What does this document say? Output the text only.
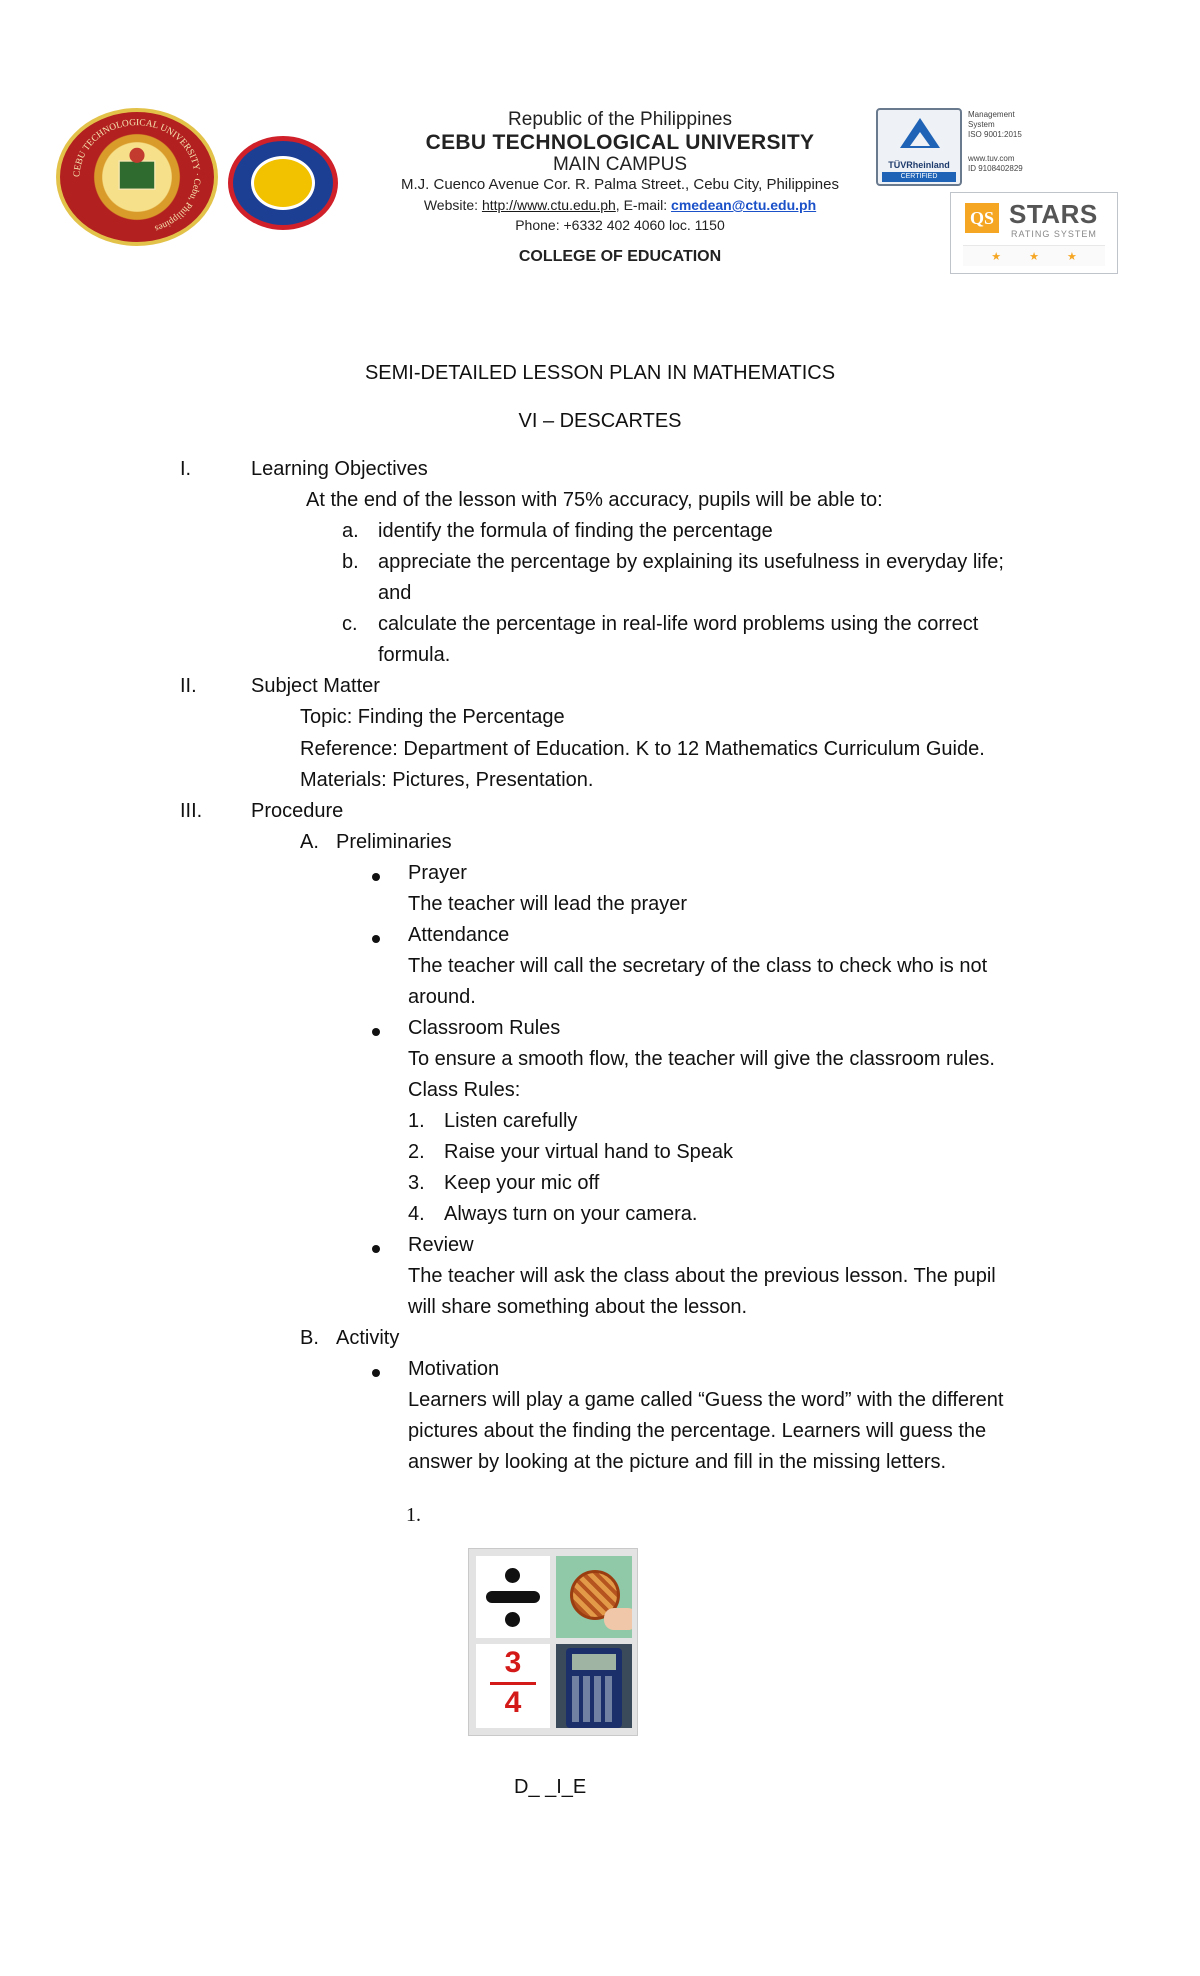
CEBU TECHNOLOGICAL UNIVERSITY · Cebu, Philippines

Republic of the Philippines

CEBU TECHNOLOGICAL UNIVERSITY

MAIN CAMPUS

M.J. Cuenco Avenue Cor. R. Palma Street., Cebu City, Philippines

Website: http://www.ctu.edu.ph, E-mail: cmedean@ctu.edu.ph

Phone: +6332 402 4060 loc. 1150

COLLEGE OF EDUCATION

TÜVRheinland
CERTIFIED

Management

System

ISO 9001:2015

www.tuv.com

ID 9108402829

QS STARS
RATING SYSTEM
★	★	★
SEMI-DETAILED LESSON PLAN IN MATHEMATICS
VI – DESCARTES
I.	Learning Objectives
At the end of the lesson with 75% accuracy, pupils will be able to:
a. identify the formula of finding the percentage
b. appreciate the percentage by explaining its usefulness in everyday life;
and
c. calculate the percentage in real-life word problems using the correct
formula.
II.	Subject Matter
Topic: Finding the Percentage
Reference: Department of Education. K to 12 Mathematics Curriculum Guide.
Materials: Pictures, Presentation.
III. Procedure
A. Preliminaries
Prayer
The teacher will lead the prayer
Attendance
The teacher will call the secretary of the class to check who is not
around.
Classroom Rules
To ensure a smooth flow, the teacher will give the classroom rules.
Class Rules:
1. Listen carefully
2. Raise your virtual hand to Speak
3. Keep your mic off
4. Always turn on your camera.
Review
The teacher will ask the class about the previous lesson. The pupil
will share something about the lesson.
B. Activity
Motivation
Learners will play a game called “Guess the word” with the different
pictures about the finding the percentage. Learners will guess the
answer by looking at the picture and fill in the missing letters.
1.
3
4
D_ _I_E
